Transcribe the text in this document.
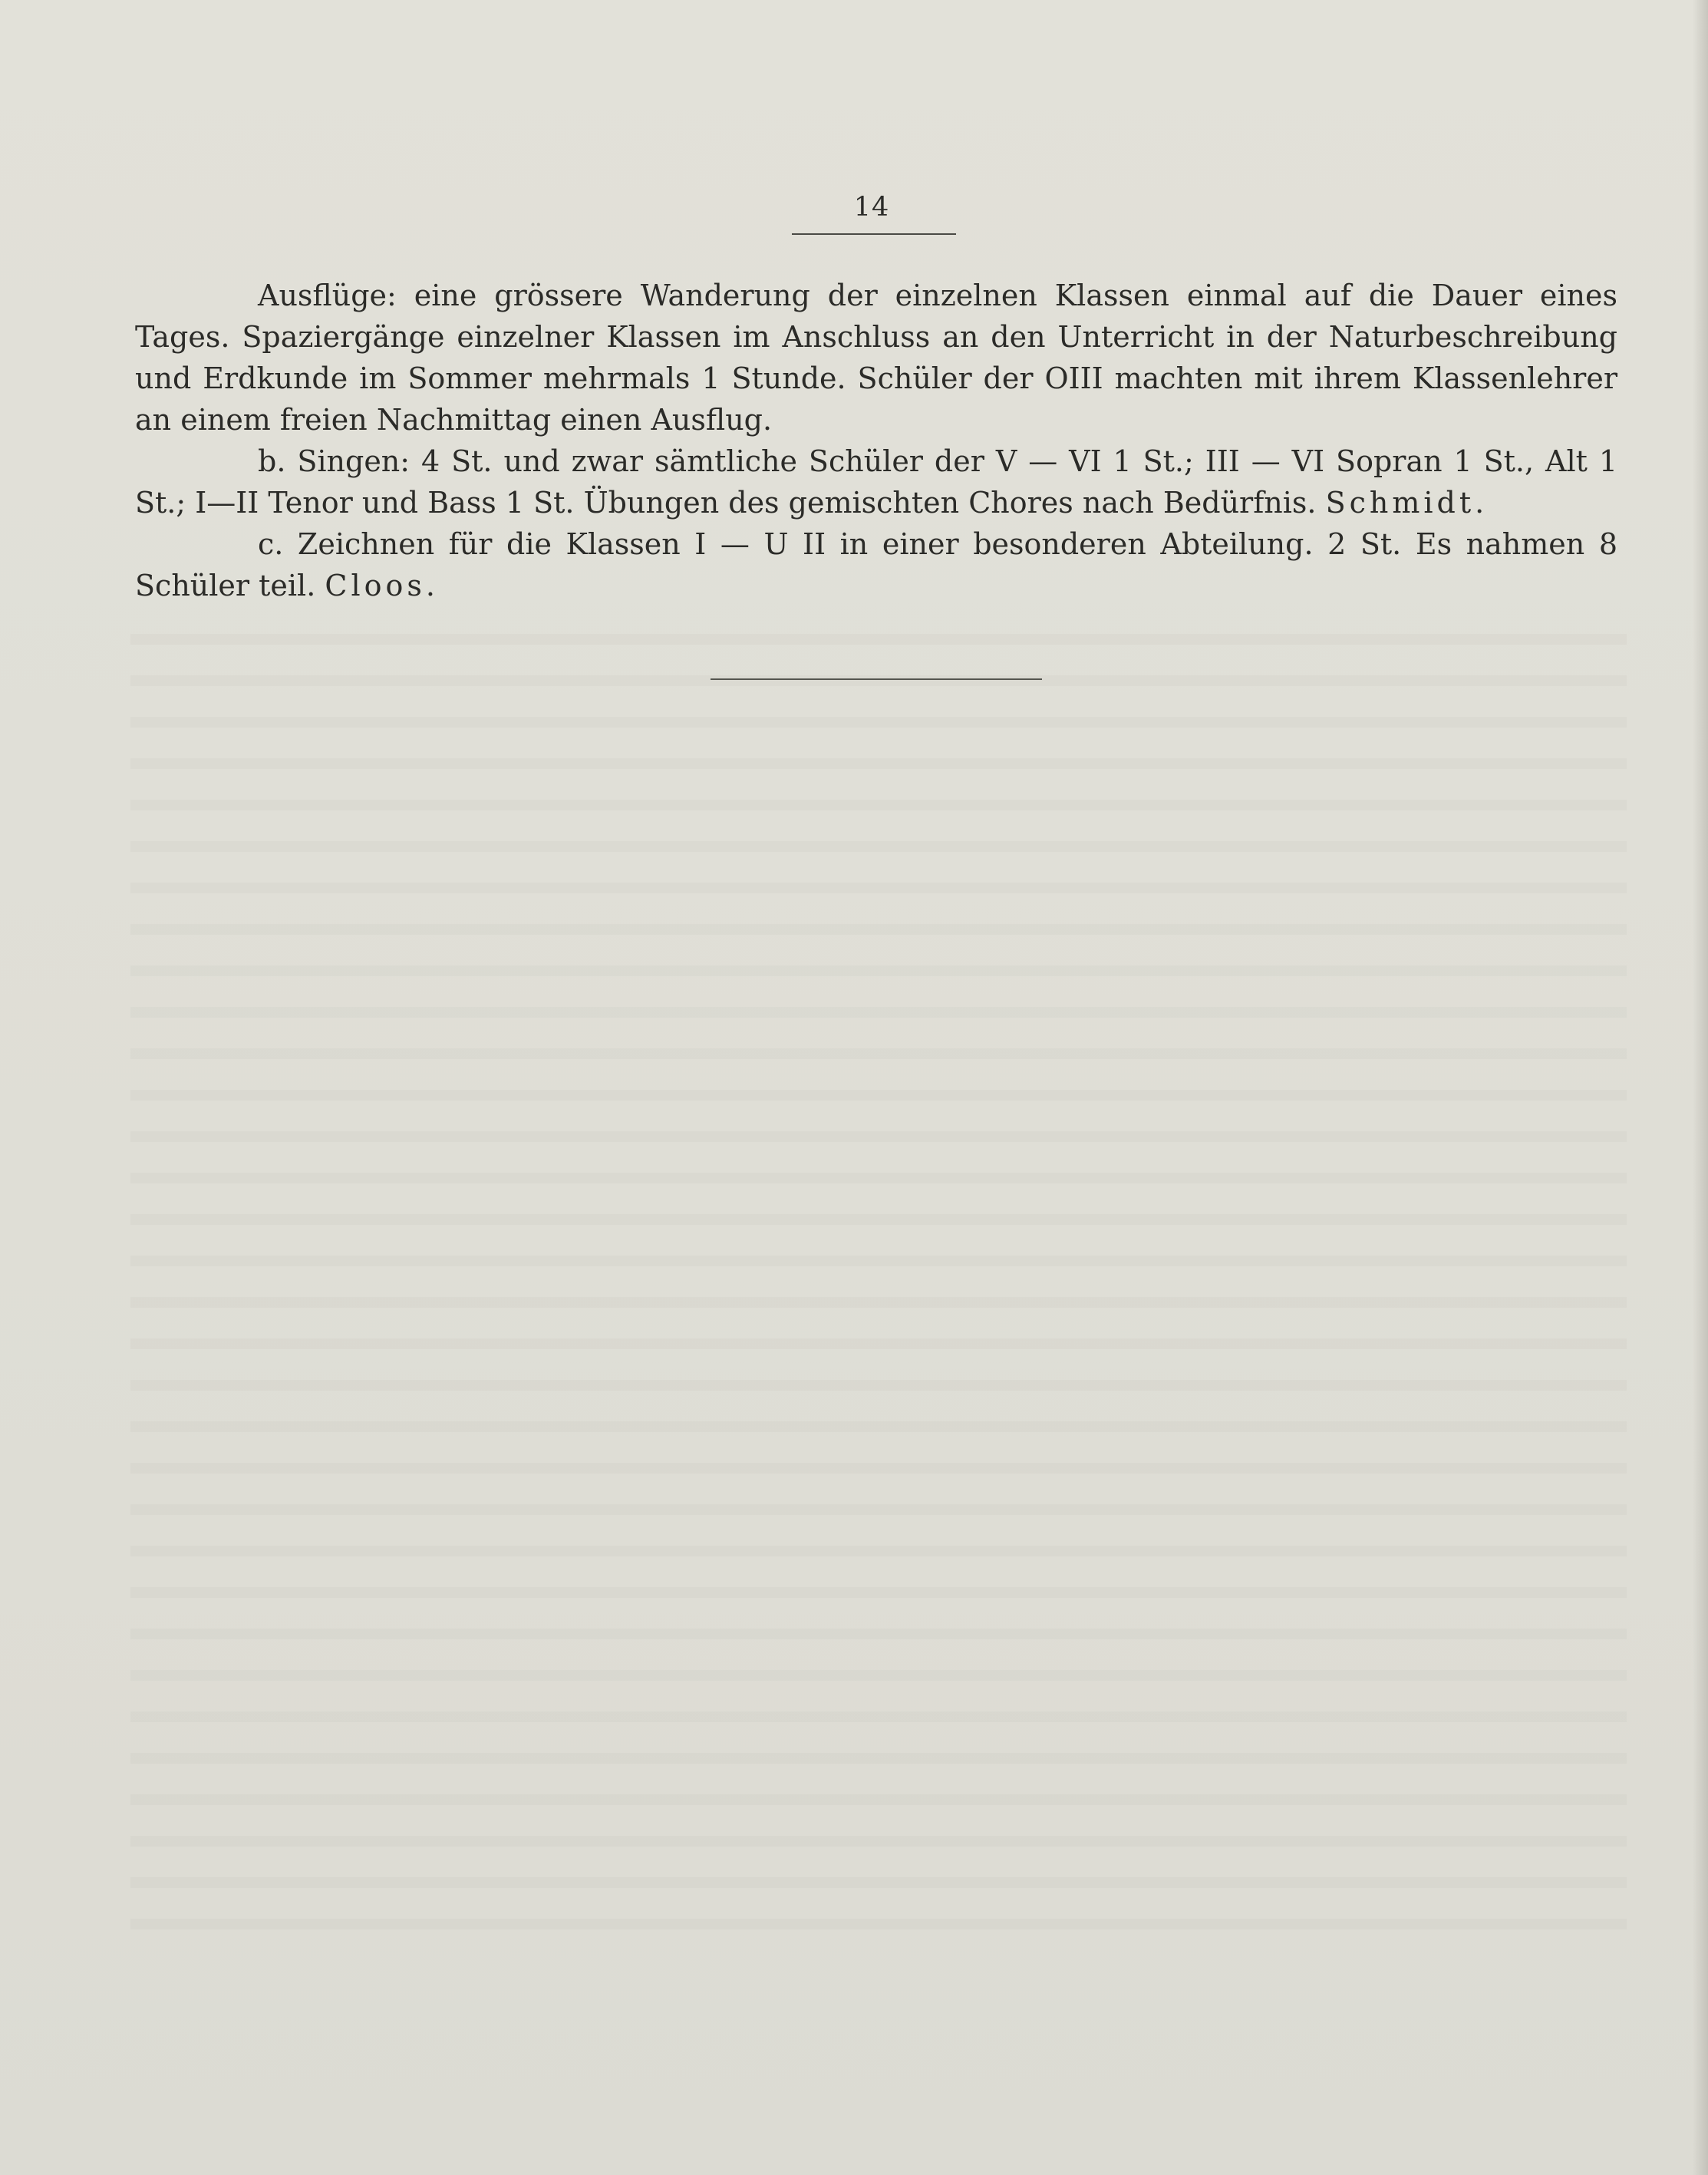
14

Ausflüge: eine grössere Wanderung der einzelnen Klassen einmal auf die Dauer eines Tages. Spaziergänge einzelner Klassen im Anschluss an den Unterricht in der Naturbeschreibung und Erdkunde im Sommer mehrmals 1 Stunde. Schüler der OIII machten mit ihrem Klassenlehrer an einem freien Nachmittag einen Ausflug.

b. Singen: 4 St. und zwar sämtliche Schüler der V — VI 1 St.; III — VI Sopran 1 St., Alt 1 St.; I—II Tenor und Bass 1 St. Übungen des gemischten Chores nach Bedürfnis. Schmidt.

c. Zeichnen für die Klassen I — U II in einer besonderen Abteilung. 2 St. Es nahmen 8 Schüler teil. Cloos.
